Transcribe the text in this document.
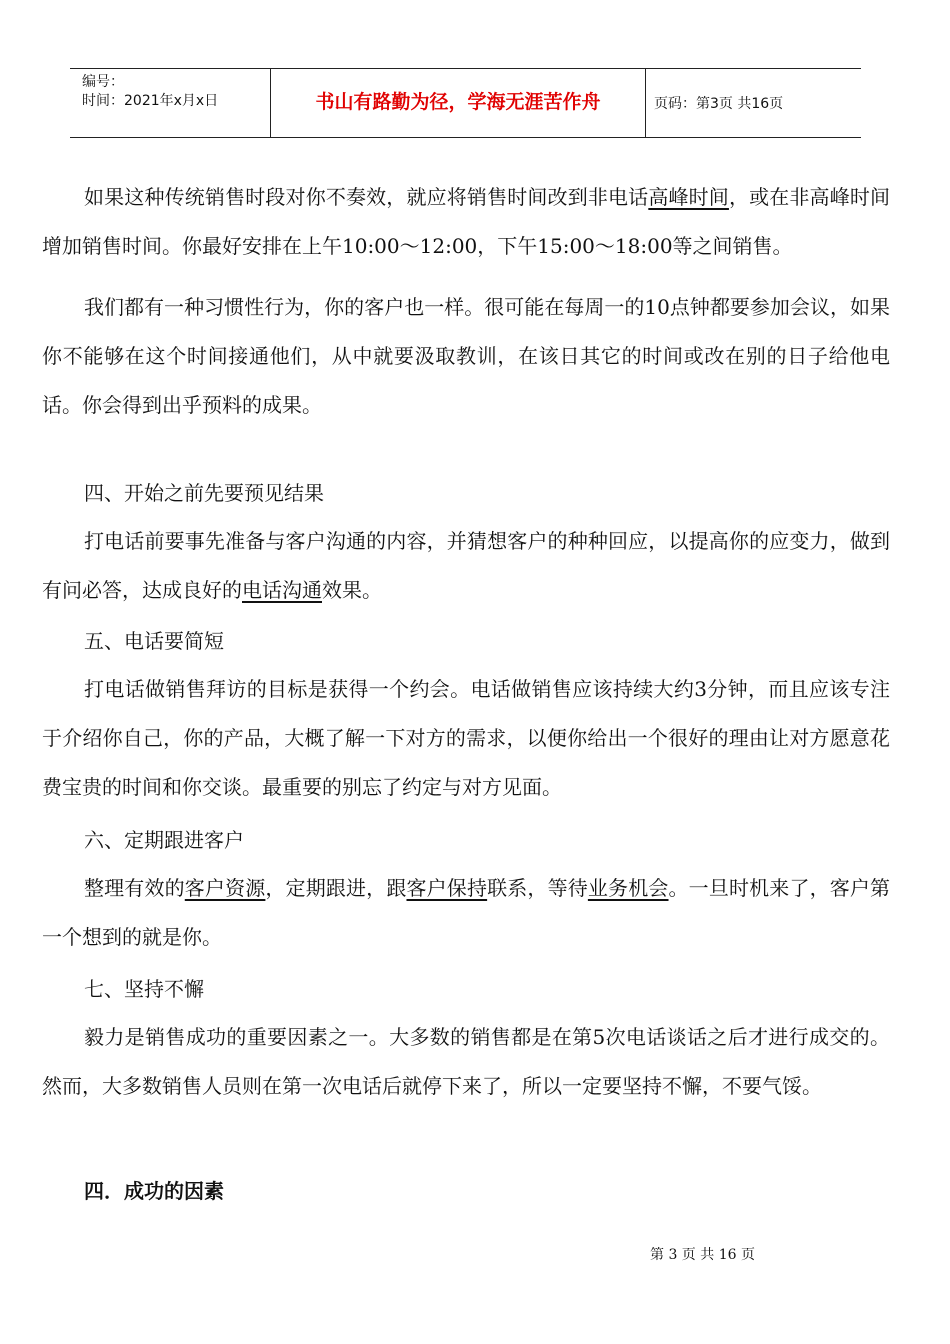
编号：
时间：2021年x月x日	书山有路勤为径，学海无涯苦作舟	页码：第3页 共16页

如果这种传统销售时段对你不奏效，就应将销售时间改到非电话高峰时间，或在非高峰时间增加销售时间。你最好安排在上午10:00～12:00，下午15:00～18:00等之间销售。

我们都有一种习惯性行为，你的客户也一样。很可能在每周一的10点钟都要参加会议，如果你不能够在这个时间接通他们，从中就要汲取教训，在该日其它的时间或改在别的日子给他电话。你会得到出乎预料的成果。

四、开始之前先要预见结果

打电话前要事先准备与客户沟通的内容，并猜想客户的种种回应，以提高你的应变力，做到有问必答，达成良好的电话沟通效果。

五、电话要简短

打电话做销售拜访的目标是获得一个约会。电话做销售应该持续大约3分钟，而且应该专注于介绍你自己，你的产品，大概了解一下对方的需求，以便你给出一个很好的理由让对方愿意花费宝贵的时间和你交谈。最重要的别忘了约定与对方见面。

六、定期跟进客户

整理有效的客户资源，定期跟进，跟客户保持联系，等待业务机会。一旦时机来了，客户第一个想到的就是你。

七、坚持不懈

毅力是销售成功的重要因素之一。大多数的销售都是在第5次电话谈话之后才进行成交的。然而，大多数销售人员则在第一次电话后就停下来了，所以一定要坚持不懈，不要气馁。

四．成功的因素
第 3 页 共 16 页
